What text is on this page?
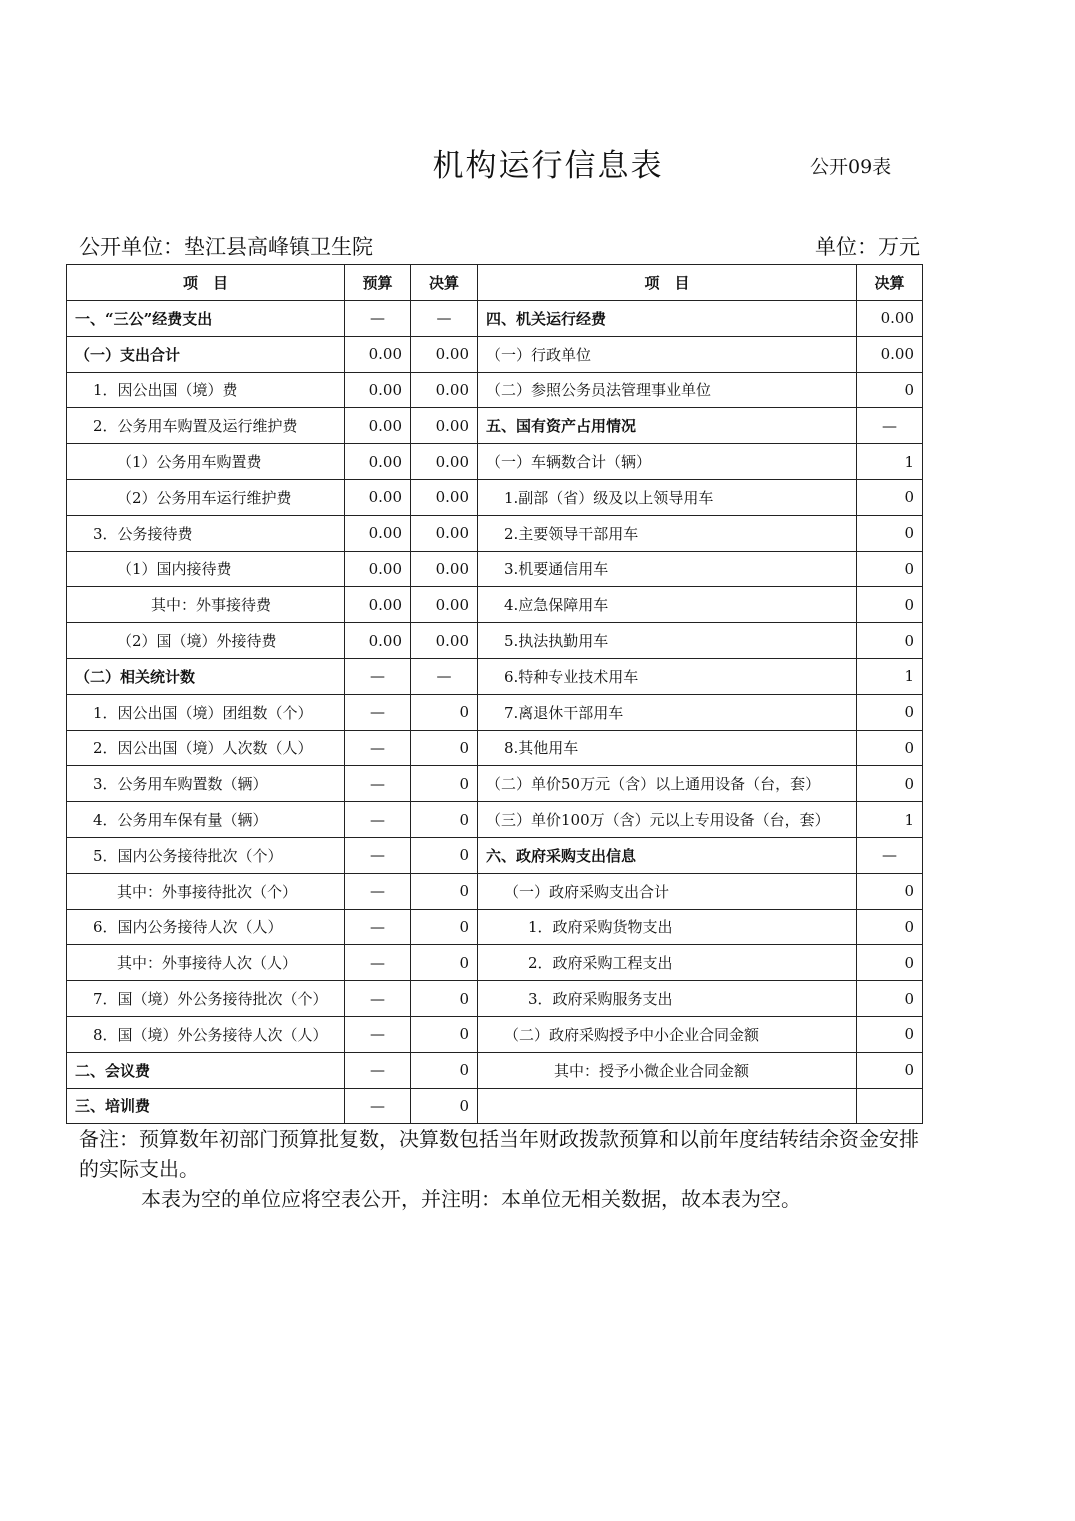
机构运行信息表	公开09表
公开单位：垫江县高峰镇卫生院	单位：万元
项　目	预算	决算	项　目	决算
一、“三公”经费支出	—	—	四、机关运行经费	0.00
（一）支出合计	0.00	0.00	（一）行政单位	0.00
1．因公出国（境）费	0.00	0.00	（二）参照公务员法管理事业单位	0
2．公务用车购置及运行维护费	0.00	0.00	五、国有资产占用情况	—
（1）公务用车购置费	0.00	0.00	（一）车辆数合计（辆）	1
（2）公务用车运行维护费	0.00	0.00	1.副部（省）级及以上领导用车	0
3．公务接待费	0.00	0.00	2.主要领导干部用车	0
（1）国内接待费	0.00	0.00	3.机要通信用车	0
其中：外事接待费	0.00	0.00	4.应急保障用车	0
（2）国（境）外接待费	0.00	0.00	5.执法执勤用车	0
（二）相关统计数	—	—	6.特种专业技术用车	1
1．因公出国（境）团组数（个）	—	0	7.离退休干部用车	0
2．因公出国（境）人次数（人）	—	0	8.其他用车	0
3．公务用车购置数（辆）	—	0	（二）单价50万元（含）以上通用设备（台，套）	0
4．公务用车保有量（辆）	—	0	（三）单价100万（含）元以上专用设备（台，套）	1
5．国内公务接待批次（个）	—	0	六、政府采购支出信息	—
其中：外事接待批次（个）	—	0	（一）政府采购支出合计	0
6．国内公务接待人次（人）	—	0	1．政府采购货物支出	0
其中：外事接待人次（人）	—	0	2．政府采购工程支出	0
7．国（境）外公务接待批次（个）	—	0	3．政府采购服务支出	0
8．国（境）外公务接待人次（人）	—	0	（二）政府采购授予中小企业合同金额	0
二、会议费	—	0	其中：授予小微企业合同金额	0
三、培训费	—	0		

备注：预算数年初部门预算批复数，决算数包括当年财政拨款预算和以前年度结转结余资金安排的实际支出。

本表为空的单位应将空表公开，并注明：本单位无相关数据，故本表为空。
